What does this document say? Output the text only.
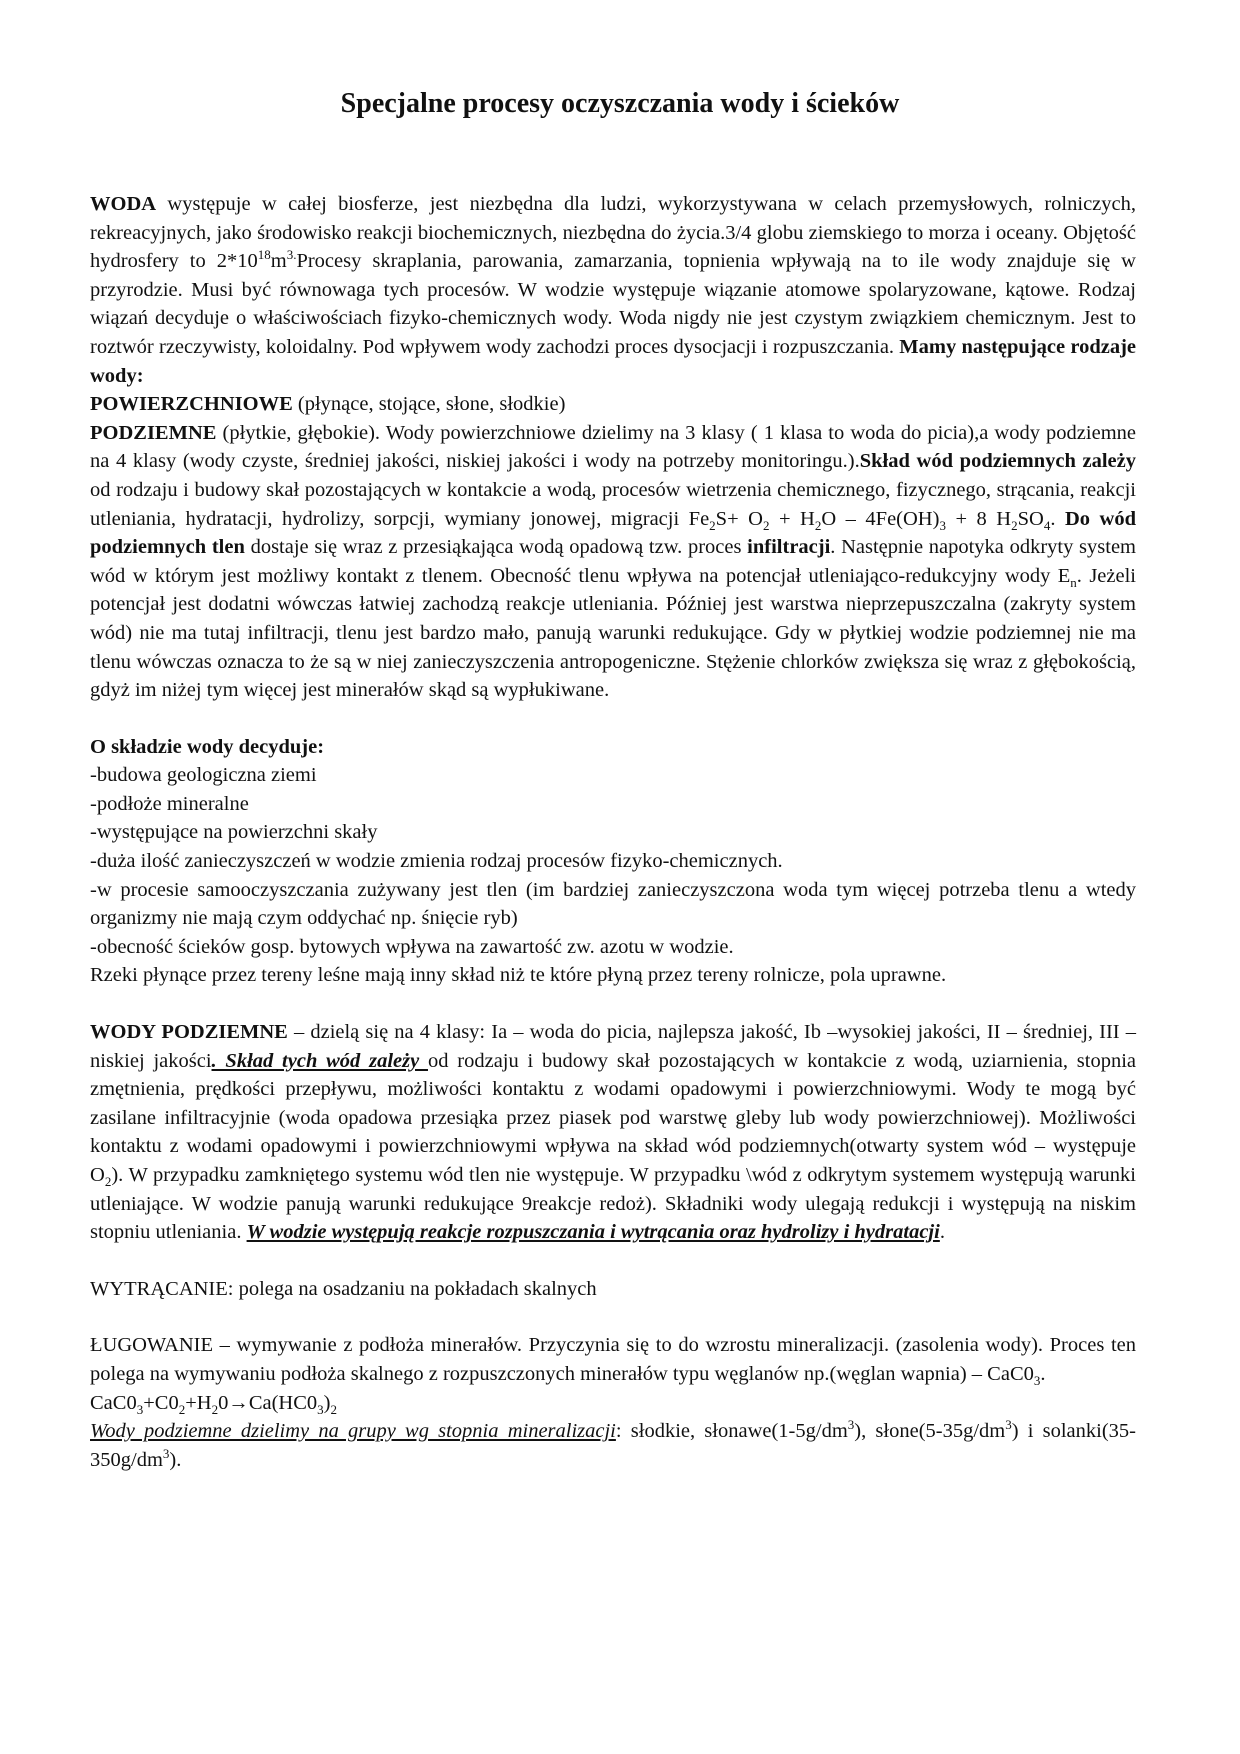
Specjalne procesy oczyszczania wody i ścieków

WODA występuje w całej biosferze, jest niezbędna dla ludzi, wykorzystywana w celach przemysłowych, rolniczych, rekreacyjnych, jako środowisko reakcji biochemicznych, niezbędna do życia.3/4 globu ziemskiego to morza i oceany. Objętość hydrosfery to $2*10^{18}m^{3.}Procesy$ skraplania, parowania, zamarzania, topnienia wpływają na to ile wody znajduje się w przyrodzie. Musi być równowaga tych procesów. W wodzie występuje wiązanie atomowe spolaryzowane, kątowe. Rodzaj wiązań decyduje o właściwościach fizyko-chemicznych wody. Woda nigdy nie jest czystym związkiem chemicznym. Jest to roztwór rzeczywisty, koloidalny. Pod wpływem wody zachodzi proces dysocjacji i rozpuszczania. Mamy następujące rodzaje wody:

POWIERZCHNIOWE (płynące, stojące, słone, słodkie)

PODZIEMNE (płytkie, głębokie). Wody powierzchniowe dzielimy na 3 klasy ( 1 klasa to woda do picia),a wody podziemne na 4 klasy (wody czyste, średniej jakości, niskiej jakości i wody na potrzeby monitoringu.).Skład wód podziemnych zależy od rodzaju i budowy skał pozostających w kontakcie a wodą, procesów wietrzenia chemicznego, fizycznego, strącania, reakcji utleniania, hydratacji, hydrolizy, sorpcji, wymiany jonowej, migracji $Fe_2S+ O_2 + H_2O - 4Fe(OH)_3 + 8$ $H_2SO_4$. Do wód podziemnych tlen dostaje się wraz z przesiąkająca wodą opadową tzw. proces infiltracji. Następnie napotyka odkryty system wód w którym jest możliwy kontakt z tlenem. Obecność tlenu wpływa na potencjał utleniająco-redukcyjny wody $E_n$. Jeżeli potencjał jest dodatni wówczas łatwiej zachodzą reakcje utleniania. Później jest warstwa nieprzepuszczalna (zakryty system wód) nie ma tutaj infiltracji, tlenu jest bardzo mało, panują warunki redukujące. Gdy w płytkiej wodzie podziemnej nie ma tlenu wówczas oznacza to że są w niej zanieczyszczenia antropogeniczne. Stężenie chlorków zwiększa się wraz z głębokością, gdyż im niżej tym więcej jest minerałów skąd są wypłukiwane.

O składzie wody decyduje:

-budowa geologiczna ziemi

-podłoże mineralne

-występujące na powierzchni skały

-duża ilość zanieczyszczeń w wodzie zmienia rodzaj procesów fizyko-chemicznych.

-w procesie samooczyszczania zużywany jest tlen (im bardziej zanieczyszczona woda tym więcej potrzeba tlenu a wtedy organizmy nie mają czym oddychać np. śnięcie ryb)

-obecność ścieków gosp. bytowych wpływa na zawartość zw. azotu w wodzie.

Rzeki płynące przez tereny leśne mają inny skład niż te które płyną przez tereny rolnicze, pola uprawne.

WODY PODZIEMNE – dzielą się na 4 klasy: Ia – woda do picia, najlepsza jakość, Ib –wysokiej jakości, II – średniej, III – niskiej jakości. Skład tych wód zależy od rodzaju i budowy skał pozostających w kontakcie z wodą, uziarnienia, stopnia zmętnienia, prędkości przepływu, możliwości kontaktu z wodami opadowymi i powierzchniowymi. Wody te mogą być zasilane infiltracyjnie (woda opadowa przesiąka przez piasek pod warstwę gleby lub wody powierzchniowej). Możliwości kontaktu z wodami opadowymi i powierzchniowymi wpływa na skład wód podziemnych(otwarty system wód – występuje $O_2$). W przypadku zamkniętego systemu wód tlen nie występuje. W przypadku \wód z odkrytym systemem występują warunki utleniające. W wodzie panują warunki redukujące 9reakcje redoż). Składniki wody ulegają redukcji i występują na niskim stopniu utleniania. W wodzie występują reakcje rozpuszczania i wytrącania oraz hydrolizy i hydratacji.

WYTRĄCANIE: polega na osadzaniu na pokładach skalnych

ŁUGOWANIE – wymywanie z podłoża minerałów. Przyczynia się to do wzrostu mineralizacji. (zasolenia wody). Proces ten polega na wymywaniu podłoża skalnego z rozpuszczonych minerałów typu węglanów np.(węglan wapnia) – $CaC0_3$.

$CaC0_3+C0_2+H_20\to Ca(HC0_3)_2$

Wody podziemne dzielimy na grupy wg stopnia mineralizacji: słodkie, $słonawe(1-5g/dm^3)$, $słone(5-35g/dm^3)$ i $solanki(35-350g/dm^3)$.
